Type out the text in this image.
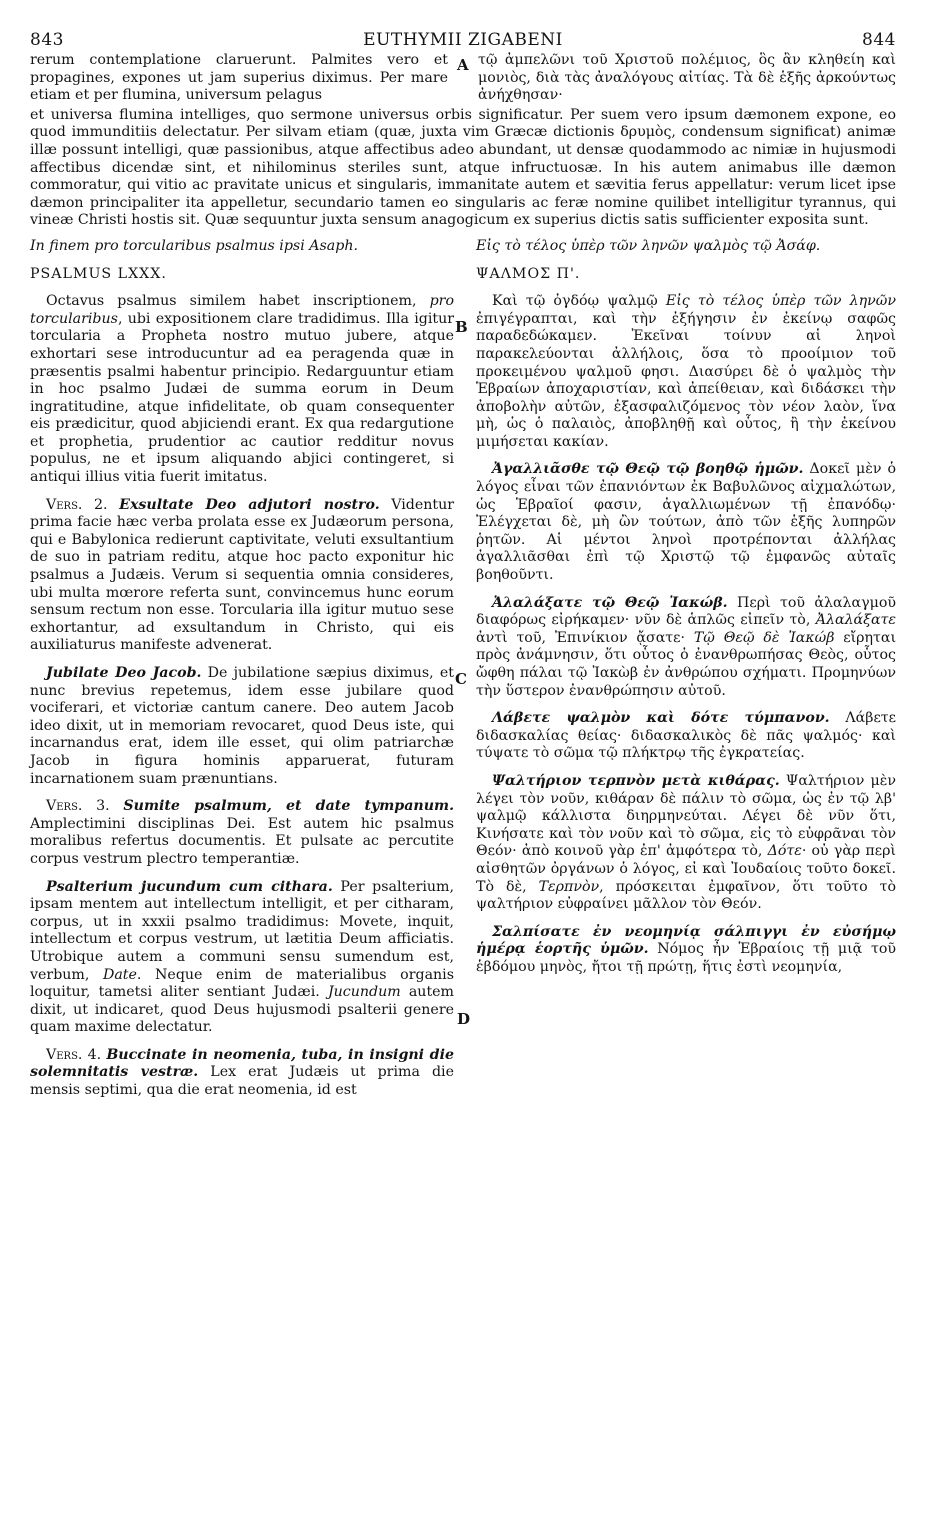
843	EUTHYMII ZIGABENI	844
rerum contemplatione claruerunt. Palmites vero et propagines, expones ut jam superius diximus. Per mare etiam et per flumina, universum pelagus
τῷ ἀμπελῶνι τοῦ Χριστοῦ πολέμιος, ὃς ἂν κληθείη καὶ μονιὸς, διὰ τὰς ἀναλόγους αἰτίας. Τὰ δὲ ἑξῆς ἀρκούντως ἀνήχθησαν·
A

et universa flumina intelliges, quo sermone universus orbis significatur. Per suem vero ipsum dæmonem expone, eo quod immunditiis delectatur. Per silvam etiam (quæ, juxta vim Græcæ dictionis δρυμὸς, condensum significat) animæ illæ possunt intelligi, quæ passionibus, atque affectibus adeo abundant, ut densæ quodammodo ac nimiæ in hujusmodi affectibus dicendæ sint, et nihilominus steriles sunt, atque infructuosæ. In his autem animabus ille dæmon commoratur, qui vitio ac pravitate unicus et singularis, immanitate autem et sævitia ferus appellatur: verum licet ipse dæmon principaliter ita appelletur, secundario tamen eo singularis ac feræ nomine quilibet intelligitur tyrannus, qui vineæ Christi hostis sit. Quæ sequuntur juxta sensum anagogicum ex superius dictis satis sufficienter exposita sunt.

B
C
D

In finem pro torcularibus psalmus ipsi Asaph.

PSALMUS LXXX.

Octavus psalmus similem habet inscriptionem, pro torcularibus, ubi expositionem clare tradidimus. Illa igitur torcularia a Propheta nostro mutuo jubere, atque exhortari sese introducuntur ad ea peragenda quæ in præsentis psalmi habentur principio. Redarguuntur etiam in hoc psalmo Judæi de summa eorum in Deum ingratitudine, atque infidelitate, ob quam consequenter eis prædicitur, quod abjiciendi erant. Ex qua redargutione et prophetia, prudentior ac cautior redditur novus populus, ne et ipsum aliquando abjici contingeret, si antiqui illius vitia fuerit imitatus.

Vers. 2. Exsultate Deo adjutori nostro. Videntur prima facie hæc verba prolata esse ex Judæorum persona, qui e Babylonica redierunt captivitate, veluti exsultantium de suo in patriam reditu, atque hoc pacto exponitur hic psalmus a Judæis. Verum si sequentia omnia consideres, ubi multa mœrore referta sunt, convincemus hunc eorum sensum rectum non esse. Torcularia illa igitur mutuo sese exhortantur, ad exsultandum in Christo, qui eis auxiliaturus manifeste advenerat.

Jubilate Deo Jacob. De jubilatione sæpius diximus, et nunc brevius repetemus, idem esse jubilare quod vociferari, et victoriæ cantum canere. Deo autem Jacob ideo dixit, ut in memoriam revocaret, quod Deus iste, qui incarnandus erat, idem ille esset, qui olim patriarchæ Jacob in figura hominis apparuerat, futuram incarnationem suam prænuntians.

Vers. 3. Sumite psalmum, et date tympanum. Amplectimini disciplinas Dei. Est autem hic psalmus moralibus refertus documentis. Et pulsate ac percutite corpus vestrum plectro temperantiæ.

Psalterium jucundum cum cithara. Per psalterium, ipsam mentem aut intellectum intelligit, et per citharam, corpus, ut in xxxii psalmo tradidimus: Movete, inquit, intellectum et corpus vestrum, ut lætitia Deum afficiatis. Utrobique autem a communi sensu sumendum est, verbum, Date. Neque enim de materialibus organis loquitur, tametsi aliter sentiant Judæi. Jucundum autem dixit, ut indicaret, quod Deus hujusmodi psalterii genere quam maxime delectatur.

Vers. 4. Buccinate in neomenia, tuba, in insigni die solemnitatis vestræ. Lex erat Judæis ut prima die mensis septimi, qua die erat neomenia, id est

Εἰς τὸ τέλος ὑπὲρ τῶν ληνῶν ψαλμὸς τῷ Ἀσάφ.

ΨΑΛΜΟΣ Π'.

Καὶ τῷ ὀγδόῳ ψαλμῷ Εἰς τὸ τέλος ὑπὲρ τῶν ληνῶν ἐπιγέγραπται, καὶ τὴν ἐξήγησιν ἐν ἐκείνῳ σαφῶς παραδεδώκαμεν. Ἐκεῖναι τοίνυν αἱ ληνοὶ παρακελεύονται ἀλλήλοις, ὅσα τὸ προοίμιον τοῦ προκειμένου ψαλμοῦ φησι. Διασύρει δὲ ὁ ψαλμὸς τὴν Ἑβραίων ἀποχαριστίαν, καὶ ἀπείθειαν, καὶ διδάσκει τὴν ἀποβολὴν αὐτῶν, ἐξασφαλιζόμενος τὸν νέον λαὸν, ἵνα μὴ, ὡς ὁ παλαιὸς, ἀποβληθῇ καὶ οὗτος, ἢ τὴν ἐκείνου μιμήσεται κακίαν.

Ἀγαλλιᾶσθε τῷ Θεῷ τῷ βοηθῷ ἡμῶν. Δοκεῖ μὲν ὁ λόγος εἶναι τῶν ἐπανιόντων ἐκ Βαβυλῶνος αἰχμαλώτων, ὡς Ἑβραῖοί φασιν, ἀγαλλιωμένων τῇ ἐπανόδῳ· Ἐλέγχεται δὲ, μὴ ὢν τούτων, ἀπὸ τῶν ἑξῆς λυπηρῶν ῥητῶν. Αἱ μέντοι ληνοὶ προτρέπονται ἀλλήλας ἀγαλλιᾶσθαι ἐπὶ τῷ Χριστῷ τῷ ἐμφανῶς αὐταῖς βοηθοῦντι.

Ἀλαλάξατε τῷ Θεῷ Ἰακώβ. Περὶ τοῦ ἀλαλαγμοῦ διαφόρως εἰρήκαμεν· νῦν δὲ ἁπλῶς εἰπεῖν τὸ, Ἀλαλάξατε ἀντὶ τοῦ, Ἐπινίκιον ᾄσατε· Τῷ Θεῷ δὲ Ἰακώβ εἴρηται πρὸς ἀνάμνησιν, ὅτι οὗτος ὁ ἐνανθρωπήσας Θεὸς, οὗτος ὤφθη πάλαι τῷ Ἰακὼβ ἐν ἀνθρώπου σχήματι. Προμηνύων τὴν ὕστερον ἐνανθρώπησιν αὐτοῦ.

Λάβετε ψαλμὸν καὶ δότε τύμπανον. Λάβετε διδασκαλίας θείας· διδασκαλικὸς δὲ πᾶς ψαλμός· καὶ τύψατε τὸ σῶμα τῷ πλήκτρῳ τῆς ἐγκρατείας.

Ψαλτήριον τερπνὸν μετὰ κιθάρας. Ψαλτήριον μὲν λέγει τὸν νοῦν, κιθάραν δὲ πάλιν τὸ σῶμα, ὡς ἐν τῷ λβ' ψαλμῷ κάλλιστα διηρμηνεύται. Λέγει δὲ νῦν ὅτι, Κινήσατε καὶ τὸν νοῦν καὶ τὸ σῶμα, εἰς τὸ εὐφρᾶναι τὸν Θεόν· ἀπὸ κοινοῦ γὰρ ἐπ' ἀμφότερα τὸ, Δότε· οὐ γὰρ περὶ αἰσθητῶν ὀργάνων ὁ λόγος, εἰ καὶ Ἰουδαίοις τοῦτο δοκεῖ. Τὸ δὲ, Τερπνὸν, πρόσκειται ἐμφαῖνον, ὅτι τοῦτο τὸ ψαλτήριον εὐφραίνει μᾶλλον τὸν Θεόν.

Σαλπίσατε ἐν νεομηνίᾳ σάλπιγγι ἐν εὐσήμῳ ἡμέρᾳ ἑορτῆς ὑμῶν. Νόμος ἦν Ἑβραίοις τῇ μιᾷ τοῦ ἑβδόμου μηνὸς, ἤτοι τῇ πρώτῃ, ἥτις ἐστὶ νεομηνία,
